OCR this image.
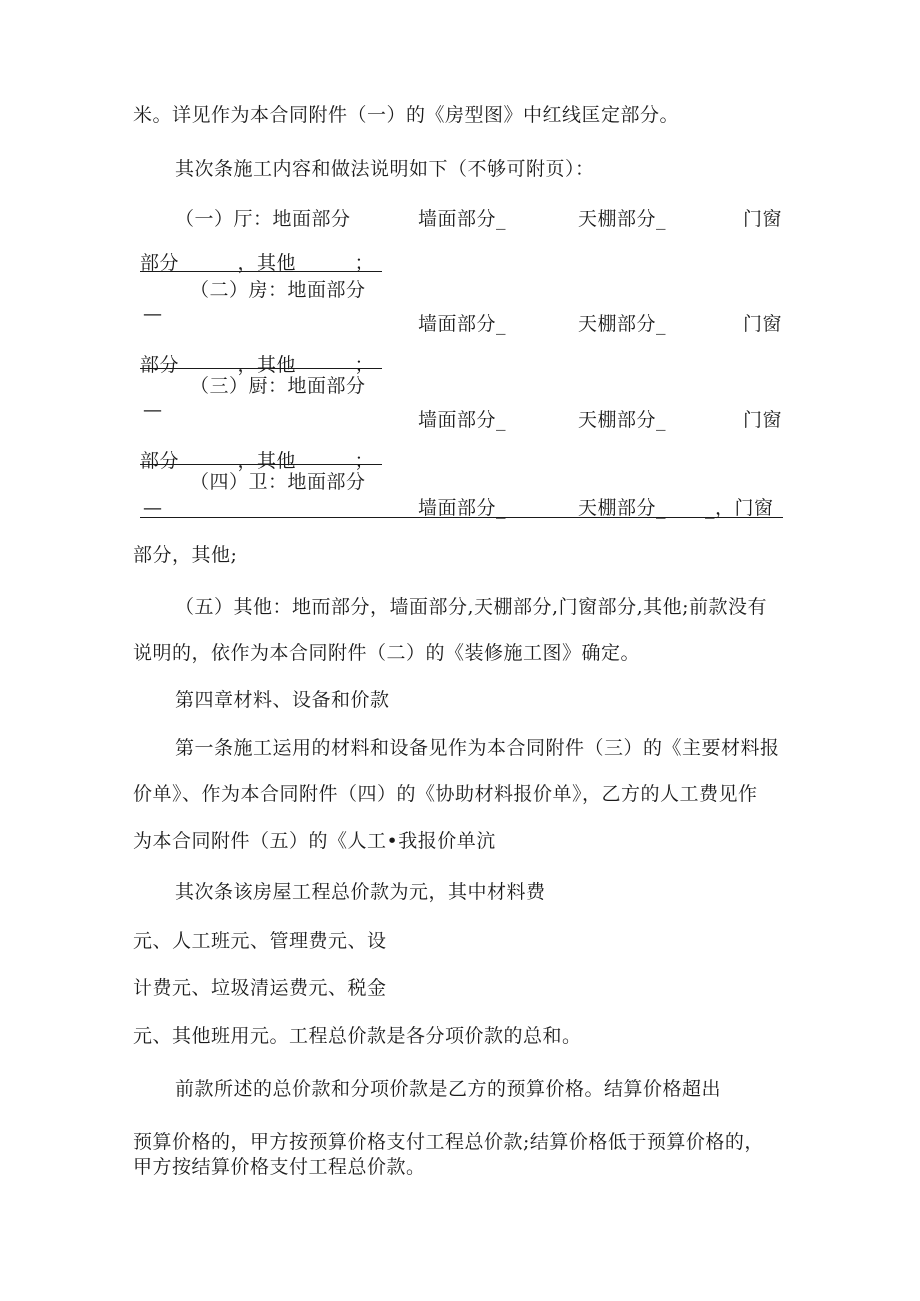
米。详见作为本合同附件（一）的《房型图》中红线匡定部分。
其次条施工内容和做法说明如下（不够可附页）：
（一）厅：地面部分	墙面部分_	天棚部分_	门窗
部分　　　，其他　　　；
（二）房：地面部分
—	墙面部分_	天棚部分_	门窗
部分　　　，其他　　　；
（三）厨：地面部分
—	墙面部分_	天棚部分_	门窗
部分　　　，其他　　　；
（四）卫：地面部分
—	墙面部分_	天棚部分_　　_，门窗
部分，其他;
（五）其他：地而部分，墙面部分,天棚部分,门窗部分,其他;前款没有
说明的，依作为本合同附件（二）的《装修施工图》确定。
第四章材料、设备和价款
第一条施工运用的材料和设备见作为本合同附件（三）的《主要材料报
价单》、作为本合同附件（四）的《协助材料报价单》，乙方的人工费见作
为本合同附件（五）的《人工•我报价单沆
其次条该房屋工程总价款为元，其中材料费
元、人工班元、管理费元、设
计费元、垃圾清运费元、税金
元、其他班用元。工程总价款是各分项价款的总和。
前款所述的总价款和分项价款是乙方的预算价格。结算价格超出
预算价格的，甲方按预算价格支付工程总价款;结算价格低于预算价格的，
甲方按结算价格支付工程总价款。
